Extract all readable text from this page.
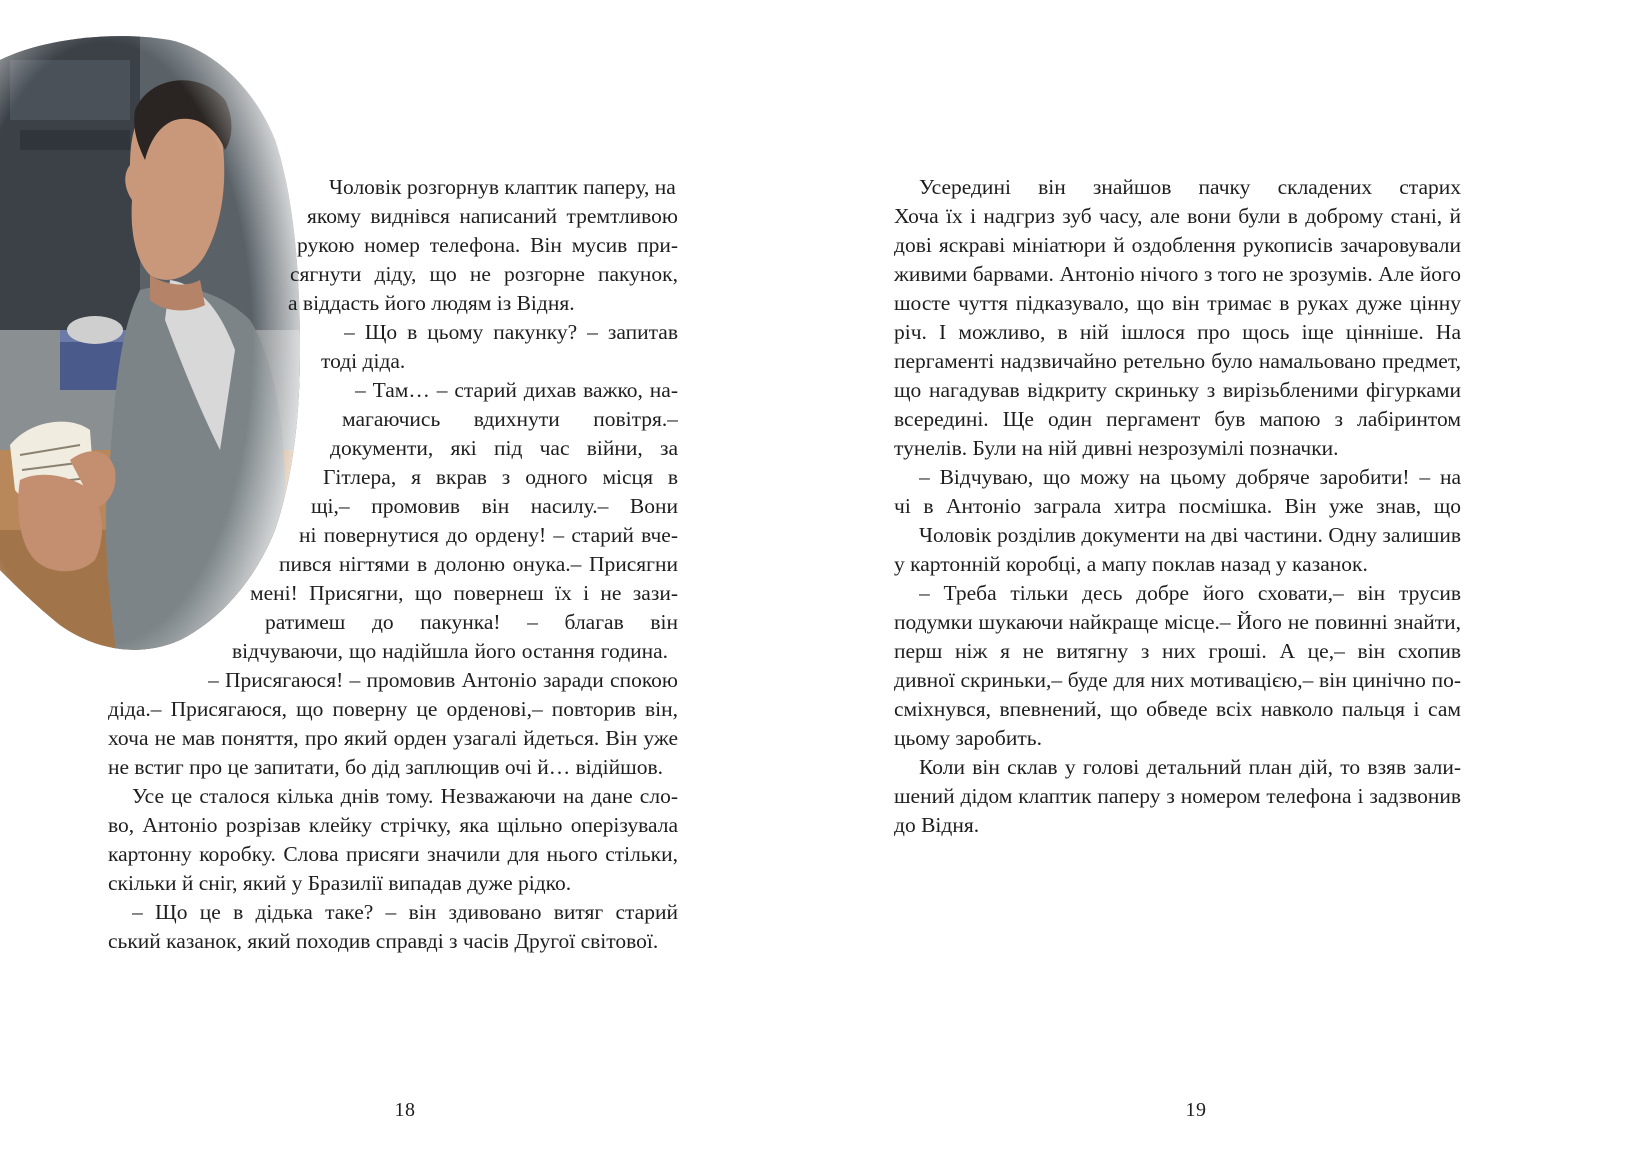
Чоловік розгорнув клаптик паперу, на
якому виднівся написаний тремтливою
рукою номер телефона. Він мусив при-
сягнути діду, що не розгорне пакунок,
а віддасть його людям із Відня.
– Що в цьому пакунку? – запитав
тоді діда.
– Там… – старий дихав важко, на-
магаючись вдихнути повітря.–
документи, які під час війни, за
Гітлера, я вкрав з одного місця в
щі,– промовив він насилу.– Вони
ні повернутися до ордену! – старий вче-
пився нігтями в долоню онука.– Присягни
мені! Присягни, що повернеш їх і не зази-
ратимеш до пакунка! – благав він
відчуваючи, що надійшла його остання година.
– Присягаюся! – промовив Антоніо заради спокою
діда.– Присягаюся, що поверну це орденові,– повторив він,
хоча не мав поняття, про який орден узагалі йдеться. Він уже
не встиг про це запитати, бо дід заплющив очі й… відійшов.
Усе це сталося кілька днів тому. Незважаючи на дане сло-
во, Антоніо розрізав клейку стрічку, яка щільно оперізувала
картонну коробку. Слова присяги значили для нього стільки,
скільки й сніг, який у Бразилії випадав дуже рідко.
– Що це в дідька таке? – він здивовано витяг старий
ський казанок, який походив справді з часів Другої світової.
18
Усередині він знайшов пачку складених старих
Хоча їх і надгриз зуб часу, але вони були в доброму стані, й
дові яскраві мініатюри й оздоблення рукописів зачаровували
живими барвами. Антоніо нічого з того не зрозумів. Але його
шосте чуття підказувало, що він тримає в руках дуже цінну
річ. І можливо, в ній ішлося про щось іще цінніше. На
пергаменті надзвичайно ретельно було намальовано предмет,
що нагадував відкриту скриньку з вирізьбленими фігурками
всередині. Ще один пергамент був мапою з лабіринтом
тунелів. Були на ній дивні незрозумілі позначки.
– Відчуваю, що можу на цьому добряче заробити! – на
чі в Антоніо заграла хитра посмішка. Він уже знав, що
Чоловік розділив документи на дві частини. Одну залишив
у картонній коробці, а мапу поклав назад у казанок.
– Треба тільки десь добре його сховати,– він трусив
подумки шукаючи найкраще місце.– Його не повинні знайти,
перш ніж я не витягну з них гроші. А це,– він схопив
дивної скриньки,– буде для них мотивацією,– він цинічно по-
сміхнувся, впевнений, що обведе всіх навколо пальця і сам
цьому заробить.
Коли він склав у голові детальний план дій, то взяв зали-
шений дідом клаптик паперу з номером телефона і задзвонив
до Відня.
19
